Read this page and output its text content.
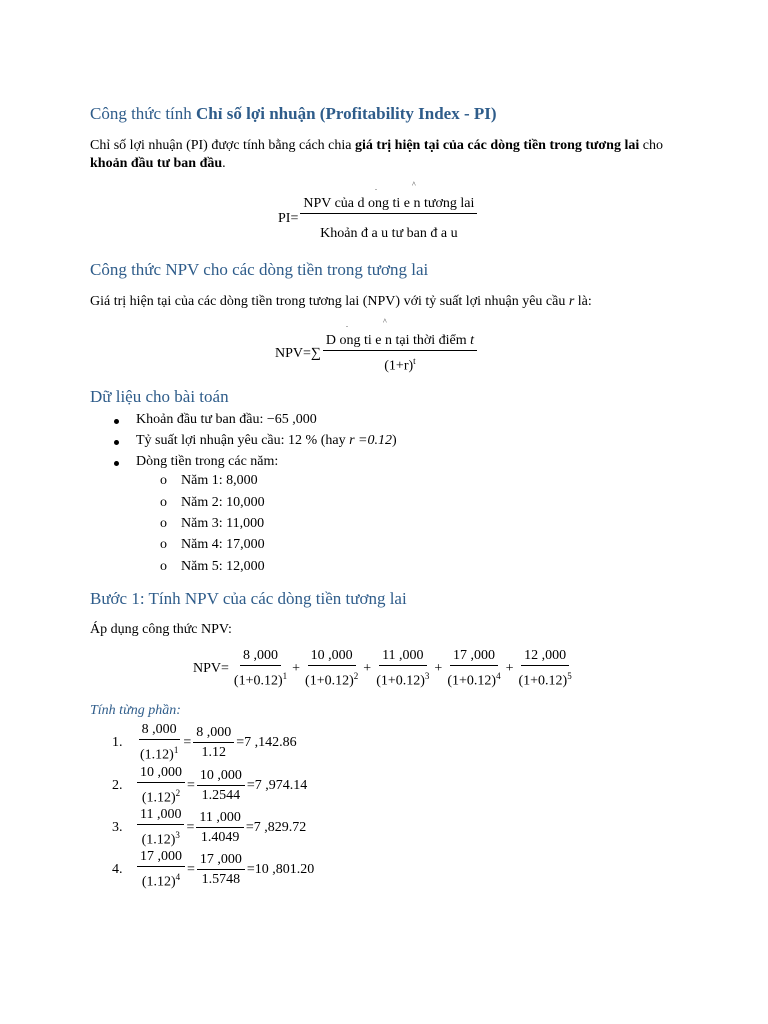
Công thức tính Chỉ số lợi nhuận (Profitability Index - PI)
Chỉ số lợi nhuận (PI) được tính bằng cách chia giá trị hiện tại của các dòng tiền trong tương lai cho khoản đầu tư ban đầu.
.	^
$PI= \frac{\text{NPV của d ong ti e n tương lai}}{\text{Khoản đ a u tư ban đ a u}}$
Công thức NPV cho các dòng tiền trong tương lai
Giá trị hiện tại của các dòng tiền trong tương lai (NPV) với tỷ suất lợi nhuận yêu cầu r là:
.	^
$NPV=\sum \frac{\text{D ong ti e n tại thời điểm t}}{(1+r)^t}$
Dữ liệu cho bài toán
Khoản đầu tư ban đầu: −65 ,000
Tỷ suất lợi nhuận yêu cầu: 12 % (hay r =0.12)
Dòng tiền trong các năm:
o Năm 1: 8,000
o Năm 2: 10,000
o Năm 3: 11,000
o Năm 4: 17,000
o Năm 5: 12,000
Bước 1: Tính NPV của các dòng tiền tương lai
Áp dụng công thức NPV:
$NPV= \frac{8 ,000}{(1+0.12)^1} + \frac{10 ,000}{(1+0.12)^2} + \frac{11 ,000}{(1+0.12)^3} + \frac{17 ,000}{(1+0.12)^4} + \frac{12 ,000}{(1+0.12)^5}$
Tính từng phần:
1. $\frac{8 ,000}{(1.12)^1} = \frac{8 ,000}{1.12} =7$ ,142.86
2. $\frac{10 ,000}{(1.12)^2} = \frac{10 ,000}{1.2544} =7$ ,974.14
3. $\frac{11 ,000}{(1.12)^3} = \frac{11 ,000}{1.4049} =7$ ,829.72
4. $\frac{17 ,000}{(1.12)^4} = \frac{17 ,000}{1.5748} =10$ ,801.20
